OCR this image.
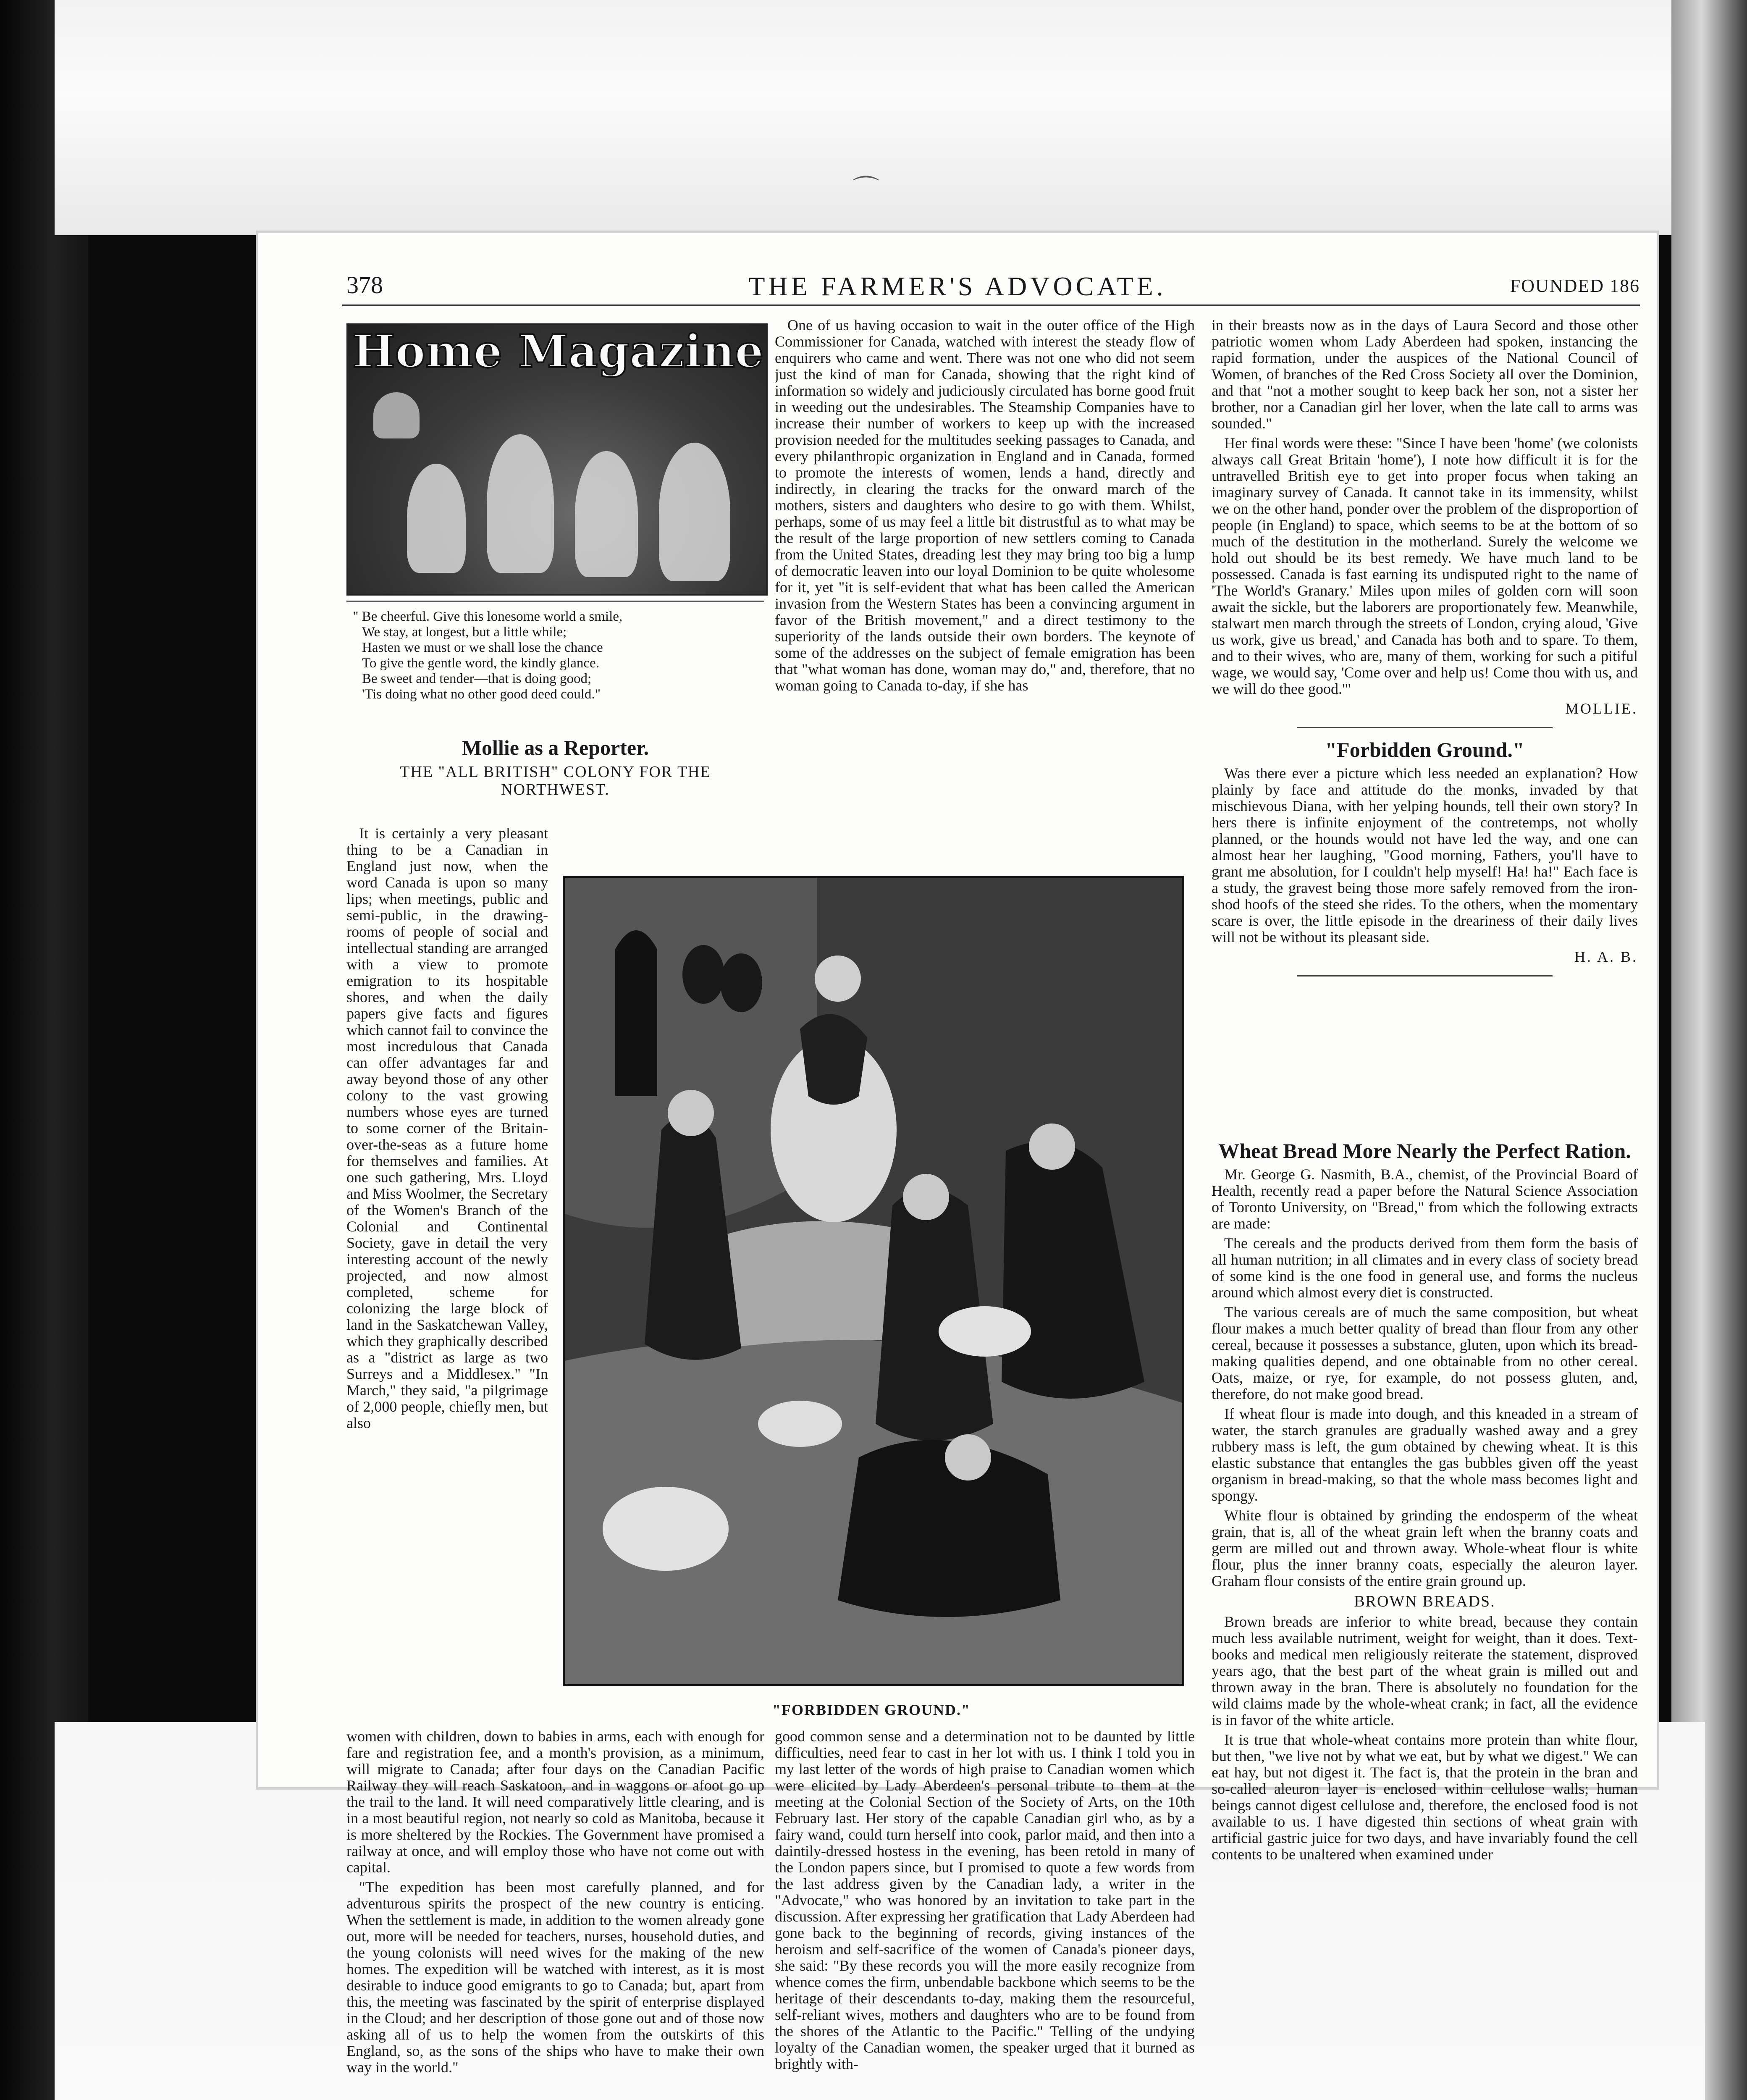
⌒
378	THE FARMER'S ADVOCATE.	FOUNDED 186
Home Magazine
" Be cheerful. Give this lonesome world a smile,
We stay, at longest, but a little while;
Hasten we must or we shall lose the chance
To give the gentle word, the kindly glance.
Be sweet and tender—that is doing good;
'Tis doing what no other good deed could."
Mollie as a Reporter.
THE "ALL BRITISH" COLONY FOR THE NORTHWEST.

It is certainly a very pleasant thing to be a Canadian in England just now, when the word Canada is upon so many lips; when meetings, public and semi-public, in the drawing-rooms of people of social and intellectual standing are arranged with a view to promote emigration to its hospitable shores, and when the daily papers give facts and figures which cannot fail to convince the most incredulous that Canada can offer advantages far and away beyond those of any other colony to the vast growing numbers whose eyes are turned to some corner of the Britain-over-the-seas as a future home for themselves and families. At one such gathering, Mrs. Lloyd and Miss Woolmer, the Secretary of the Women's Branch of the Colonial and Continental Society, gave in detail the very interesting account of the newly projected, and now almost completed, scheme for colonizing the large block of land in the Saskatchewan Valley, which they graphically described as a "district as large as two Surreys and a Middlesex." "In March," they said, "a pilgrimage of 2,000 people, chiefly men, but also

women with children, down to babies in arms, each with enough for fare and registration fee, and a month's provision, as a minimum, will migrate to Canada; after four days on the Canadian Pacific Railway they will reach Saskatoon, and in waggons or afoot go up the trail to the land. It will need comparatively little clearing, and is in a most beautiful region, not nearly so cold as Manitoba, because it is more sheltered by the Rockies. The Government have promised a railway at once, and will employ those who have not come out with capital.

"The expedition has been most carefully planned, and for adventurous spirits the prospect of the new country is enticing. When the settlement is made, in addition to the women already gone out, more will be needed for teachers, nurses, household duties, and the young colonists will need wives for the making of the new homes. The expedition will be watched with interest, as it is most desirable to induce good emigrants to go to Canada; but, apart from this, the meeting was fascinated by the spirit of enterprise displayed in the Cloud; and her description of those gone out and of those now asking all of us to help the women from the outskirts of this England, so, as the sons of the ships who have to make their own way in the world."

One of us having occasion to wait in the outer office of the High Commissioner for Canada, watched with interest the steady flow of enquirers who came and went. There was not one who did not seem just the kind of man for Canada, showing that the right kind of information so widely and judiciously circulated has borne good fruit in weeding out the undesirables. The Steamship Companies have to increase their number of workers to keep up with the increased provision needed for the multitudes seeking passages to Canada, and every philanthropic organization in England and in Canada, formed to promote the interests of women, lends a hand, directly and indirectly, in clearing the tracks for the onward march of the mothers, sisters and daughters who desire to go with them. Whilst, perhaps, some of us may feel a little bit distrustful as to what may be the result of the large proportion of new settlers coming to Canada from the United States, dreading lest they may bring too big a lump of democratic leaven into our loyal Dominion to be quite wholesome for it, yet "it is self-evident that what has been called the American invasion from the Western States has been a convincing argument in favor of the British movement," and a direct testimony to the superiority of the lands outside their own borders. The keynote of some of the addresses on the subject of female emigration has been that "what woman has done, woman may do," and, therefore, that no woman going to Canada to-day, if she has

"FORBIDDEN GROUND."

good common sense and a determination not to be daunted by little difficulties, need fear to cast in her lot with us. I think I told you in my last letter of the words of high praise to Canadian women which were elicited by Lady Aberdeen's personal tribute to them at the meeting at the Colonial Section of the Society of Arts, on the 10th February last. Her story of the capable Canadian girl who, as by a fairy wand, could turn herself into cook, parlor maid, and then into a daintily-dressed hostess in the evening, has been retold in many of the London papers since, but I promised to quote a few words from the last address given by the Canadian lady, a writer in the "Advocate," who was honored by an invitation to take part in the discussion. After expressing her gratification that Lady Aberdeen had gone back to the beginning of records, giving instances of the heroism and self-sacrifice of the women of Canada's pioneer days, she said: "By these records you will the more easily recognize from whence comes the firm, unbendable backbone which seems to be the heritage of their descendants to-day, making them the resourceful, self-reliant wives, mothers and daughters who are to be found from the shores of the Atlantic to the Pacific." Telling of the undying loyalty of the Canadian women, the speaker urged that it burned as brightly with-

in their breasts now as in the days of Laura Secord and those other patriotic women whom Lady Aberdeen had spoken, instancing the rapid formation, under the auspices of the National Council of Women, of branches of the Red Cross Society all over the Dominion, and that "not a mother sought to keep back her son, not a sister her brother, nor a Canadian girl her lover, when the late call to arms was sounded."

Her final words were these: "Since I have been 'home' (we colonists always call Great Britain 'home'), I note how difficult it is for the untravelled British eye to get into proper focus when taking an imaginary survey of Canada. It cannot take in its immensity, whilst we on the other hand, ponder over the problem of the disproportion of people (in England) to space, which seems to be at the bottom of so much of the destitution in the motherland. Surely the welcome we hold out should be its best remedy. We have much land to be possessed. Canada is fast earning its undisputed right to the name of 'The World's Granary.' Miles upon miles of golden corn will soon await the sickle, but the laborers are proportionately few. Meanwhile, stalwart men march through the streets of London, crying aloud, 'Give us work, give us bread,' and Canada has both and to spare. To them, and to their wives, who are, many of them, working for such a pitiful wage, we would say, 'Come over and help us! Come thou with us, and we will do thee good.'"

MOLLIE.
"Forbidden Ground."

Was there ever a picture which less needed an explanation? How plainly by face and attitude do the monks, invaded by that mischievous Diana, with her yelping hounds, tell their own story? In hers there is infinite enjoyment of the contretemps, not wholly planned, or the hounds would not have led the way, and one can almost hear her laughing, "Good morning, Fathers, you'll have to grant me absolution, for I couldn't help myself! Ha! ha!" Each face is a study, the gravest being those more safely removed from the iron-shod hoofs of the steed she rides. To the others, when the momentary scare is over, the little episode in the dreariness of their daily lives will not be without its pleasant side.

H. A. B.
Wheat Bread More Nearly the Perfect Ration.

Mr. George G. Nasmith, B.A., chemist, of the Provincial Board of Health, recently read a paper before the Natural Science Association of Toronto University, on "Bread," from which the following extracts are made:

The cereals and the products derived from them form the basis of all human nutrition; in all climates and in every class of society bread of some kind is the one food in general use, and forms the nucleus around which almost every diet is constructed.

The various cereals are of much the same composition, but wheat flour makes a much better quality of bread than flour from any other cereal, because it possesses a substance, gluten, upon which its bread-making qualities depend, and one obtainable from no other cereal. Oats, maize, or rye, for example, do not possess gluten, and, therefore, do not make good bread.

If wheat flour is made into dough, and this kneaded in a stream of water, the starch granules are gradually washed away and a grey rubbery mass is left, the gum obtained by chewing wheat. It is this elastic substance that entangles the gas bubbles given off the yeast organism in bread-making, so that the whole mass becomes light and spongy.

White flour is obtained by grinding the endosperm of the wheat grain, that is, all of the wheat grain left when the branny coats and germ are milled out and thrown away. Whole-wheat flour is white flour, plus the inner branny coats, especially the aleuron layer. Graham flour consists of the entire grain ground up.

BROWN BREADS.

Brown breads are inferior to white bread, because they contain much less available nutriment, weight for weight, than it does. Text-books and medical men religiously reiterate the statement, disproved years ago, that the best part of the wheat grain is milled out and thrown away in the bran. There is absolutely no foundation for the wild claims made by the whole-wheat crank; in fact, all the evidence is in favor of the white article.

It is true that whole-wheat contains more protein than white flour, but then, "we live not by what we eat, but by what we digest." We can eat hay, but not digest it. The fact is, that the protein in the bran and so-called aleuron layer is enclosed within cellulose walls; human beings cannot digest cellulose and, therefore, the enclosed food is not available to us. I have digested thin sections of wheat grain with artificial gastric juice for two days, and have invariably found the cell contents to be unaltered when examined under
